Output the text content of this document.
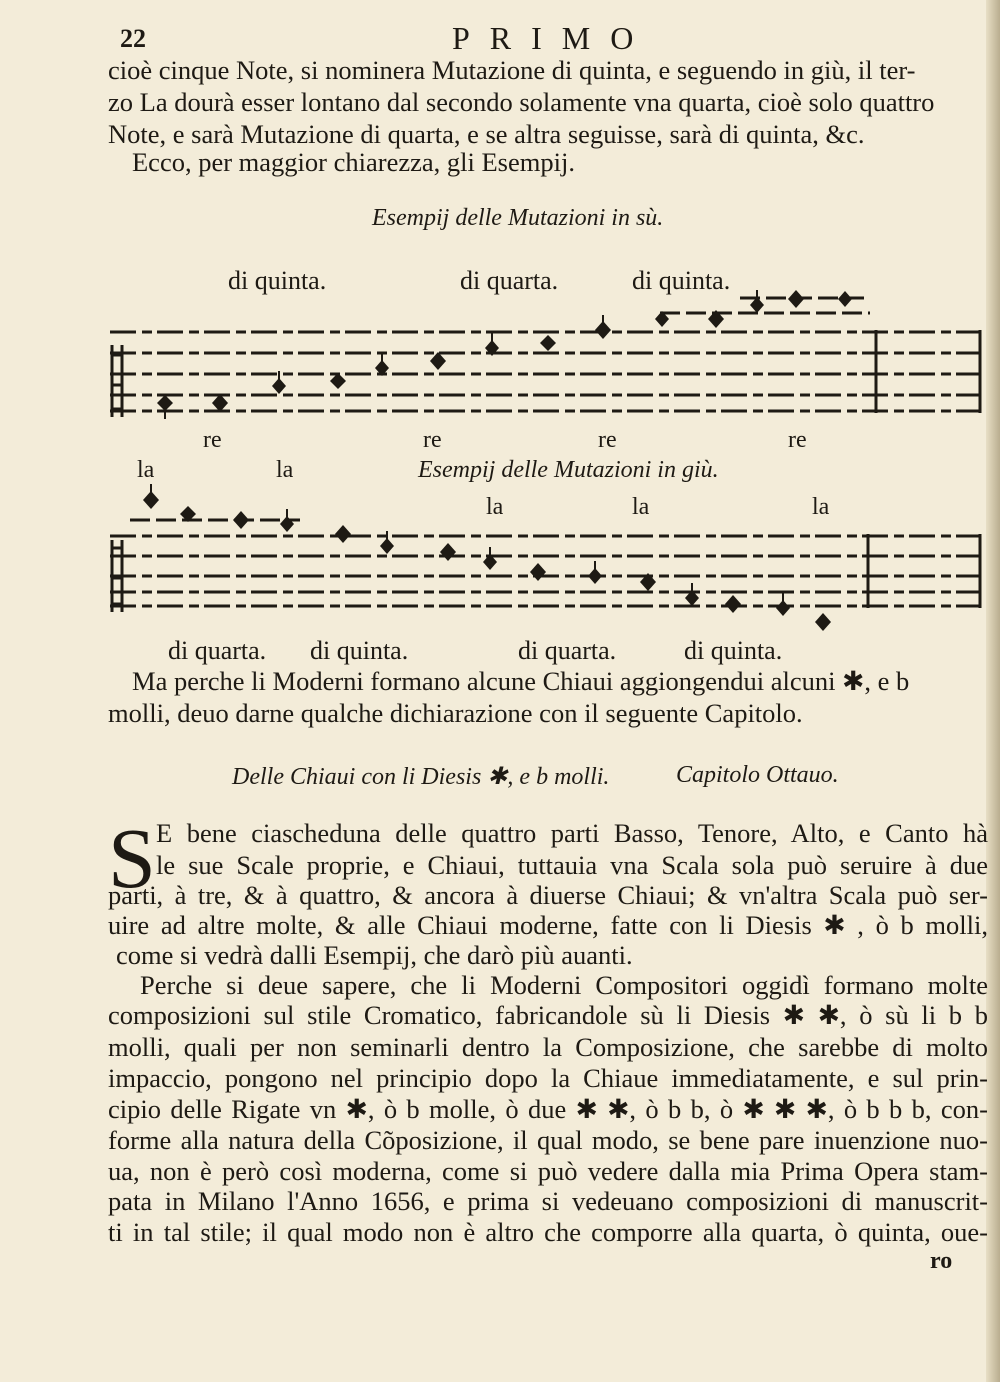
22	PRIMO
cioè cinque Note, si nominera Mutazione di quinta, e seguendo in giù, il ter-
zo La dourà esser lontano dal secondo solamente vna quarta, cioè solo quattro
Note, e sarà Mutazione di quarta, e se altra seguisse, sarà di quinta, &c.
Ecco, per maggior chiarezza, gli Esempij.
Esempij delle Mutazioni in sù.
di quinta.	di quarta.	di quinta.
re	re	re	re
la	la	Esempij delle Mutazioni in giù.
la	la	la
di quarta. di quinta.	di quarta.	di quinta.
Ma perche li Moderni formano alcune Chiaui aggiongendui alcuni ✱, e b
molli, deuo darne qualche dichiarazione con il seguente Capitolo.
Delle Chiaui con li Diesis ✱, e b molli.	Capitolo Ottauo.
S E bene ciascheduna delle quattro parti Basso, Tenore, Alto, e Canto hà
le sue Scale proprie, e Chiaui, tuttauia vna Scala sola può seruire à due
parti, à tre, & à quattro, & ancora à diuerse Chiaui; & vn'altra Scala può ser-
uire ad altre molte, & alle Chiaui moderne, fatte con li Diesis ✱ , ò b molli,
come si vedrà dalli Esempij, che darò più auanti.
Perche si deue sapere, che li Moderni Compositori oggidì formano molte
composizioni sul stile Cromatico, fabricandole sù li Diesis ✱ ✱, ò sù li b b
molli, quali per non seminarli dentro la Composizione, che sarebbe di molto
impaccio, pongono nel principio dopo la Chiaue immediatamente, e sul prin-
cipio delle Rigate vn ✱, ò b molle, ò due ✱ ✱, ò b b, ò ✱ ✱ ✱, ò b b b, con-
forme alla natura della Cõposizione, il qual modo, se bene pare inuenzione nuo-
ua, non è però così moderna, come si può vedere dalla mia Prima Opera stam-
pata in Milano l'Anno 1656, e prima si vedeuano composizioni di manuscrit-
ti in tal stile; il qual modo non è altro che comporre alla quarta, ò quinta, oue-
ro
